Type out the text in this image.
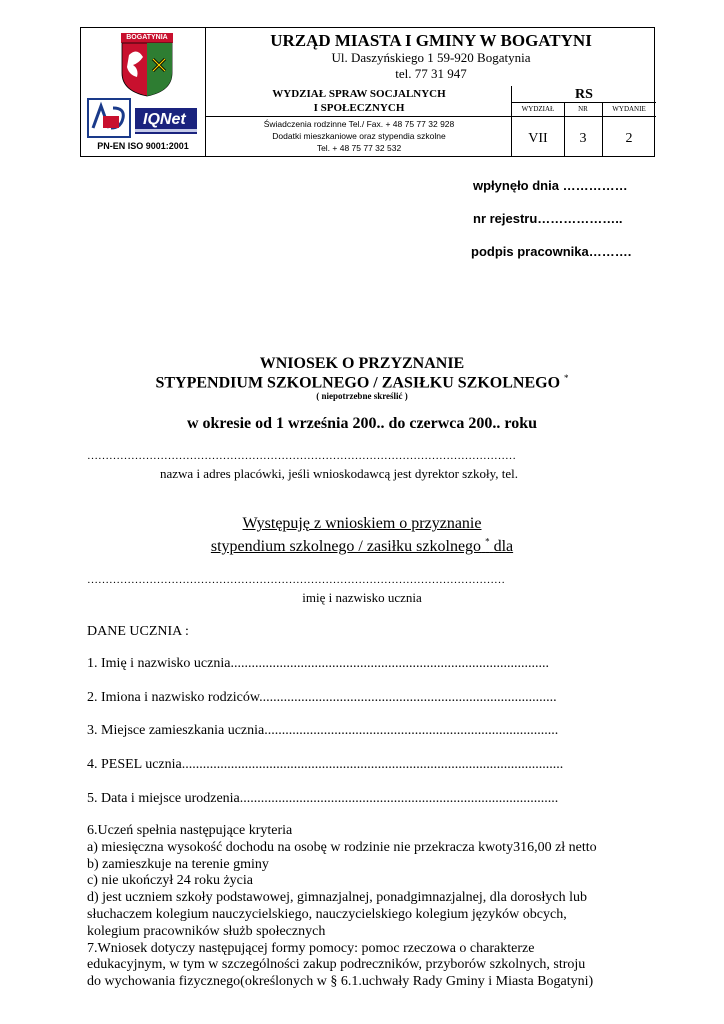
BOGATYNIA
IQNet
PN-EN ISO 9001:2001
URZĄD MIASTA I GMINY W BOGATYNI
Ul. Daszyńskiego 1 59-920 Bogatynia
tel. 77 31 947
WYDZIAŁ SPRAW SOCJALNYCH
I SPOŁECZNYCH
Świadczenia rodzinne Tel./ Fax. + 48 75 77 32 928
Dodatki mieszkaniowe oraz stypendia szkolne
Tel. + 48 75 77 32 532
RS
WYDZIAŁ	NR	WYDANIE
VII	3	2
wpłynęło dnia ……………
nr rejestru………………..
podpis pracownika……….
WNIOSEK O PRZYZNANIE
STYPENDIUM SZKOLNEGO / ZASIŁKU SZKOLNEGO *
( niepotrzebne skreślić )
w okresie od 1 września 200.. do czerwca 200.. roku
………………………………………………………………………………………………………
nazwa i adres placówki, jeśli wnioskodawcą jest dyrektor szkoły, tel.
Występuję z wnioskiem o przyznanie
stypendium szkolnego / zasiłku szkolnego * dla
……………………………………………………………………………………………………
imię i nazwisko ucznia
DANE UCZNIA :
1. Imię i nazwisko ucznia...........................................................................................
2. Imiona i nazwisko rodziców.....................................................................................
3. Miejsce zamieszkania ucznia....................................................................................
4. PESEL ucznia.............................................................................................................
5. Data i miejsce urodzenia...........................................................................................
6.Uczeń spełnia następujące kryteria
a) miesięczna wysokość dochodu na osobę w rodzinie nie przekracza kwoty316,00 zł netto
b) zamieszkuje na terenie gminy
c) nie ukończył 24 roku życia
d) jest uczniem szkoły podstawowej, gimnazjalnej, ponadgimnazjalnej, dla dorosłych lub
słuchaczem kolegium nauczycielskiego, nauczycielskiego kolegium języków obcych,
kolegium pracowników służb społecznych
7.Wniosek dotyczy następującej formy pomocy: pomoc rzeczowa o charakterze
edukacyjnym, w tym w szczególności zakup podreczników, przyborów szkolnych, stroju
do wychowania fizycznego(określonych w § 6.1.uchwały Rady Gminy i Miasta Bogatyni)
